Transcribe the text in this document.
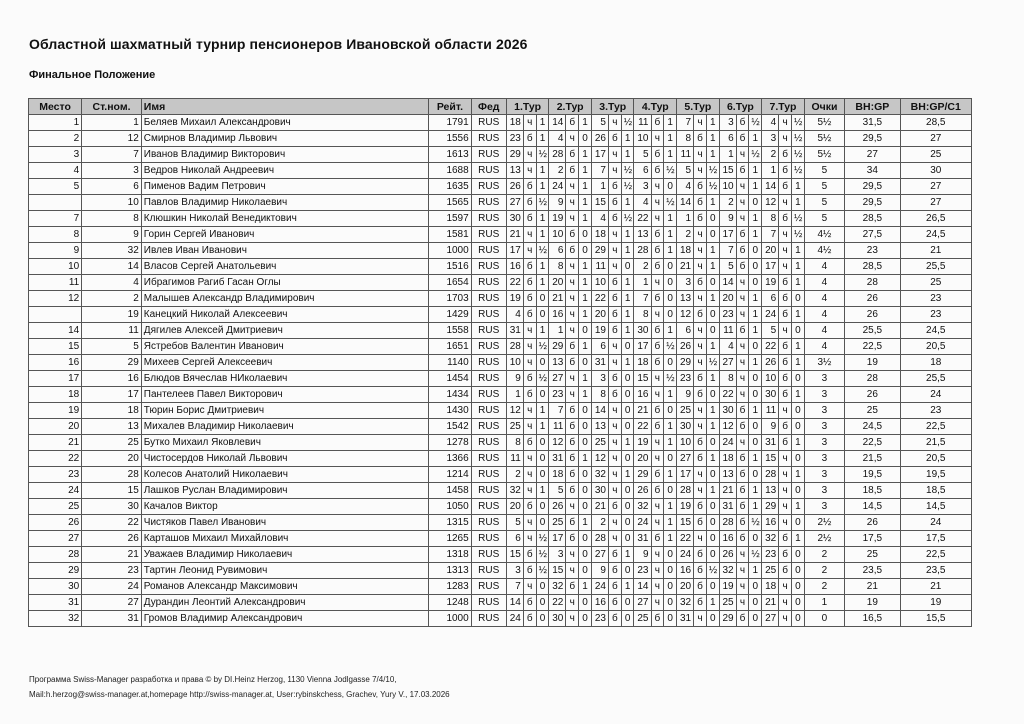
Областной шахматный турнир пенсионеров Ивановской области 2026
Финальное Положение
Место	Ст.ном.	Имя	Рейт.	Фед	1.Тур			2.Тур			3.Тур			4.Тур			5.Тур			6.Тур			7.Тур			Очки	BH:GP	BH:GP/C1
1	1	Беляев Михаил Александрович	1791	RUS	18	ч	1	14	б	1	5	ч	½	11	б	1	7	ч	1	3	б	½	4	ч	½	5½	31,5	28,5
2	12	Смирнов Владимир Львович	1556	RUS	23	б	1	4	ч	0	26	б	1	10	ч	1	8	б	1	6	б	1	3	ч	½	5½	29,5	27
3	7	Иванов Владимир Викторович	1613	RUS	29	ч	½	28	б	1	17	ч	1	5	б	1	11	ч	1	1	ч	½	2	б	½	5½	27	25
4	3	Ведров Николай Андреевич	1688	RUS	13	ч	1	2	б	1	7	ч	½	6	б	½	5	ч	½	15	б	1	1	б	½	5	34	30
5	6	Пименов Вадим Петрович	1635	RUS	26	б	1	24	ч	1	1	б	½	3	ч	0	4	б	½	10	ч	1	14	б	1	5	29,5	27
	10	Павлов Владимир Николаевич	1565	RUS	27	б	½	9	ч	1	15	б	1	4	ч	½	14	б	1	2	ч	0	12	ч	1	5	29,5	27
7	8	Клюшкин Николай Венедиктович	1597	RUS	30	б	1	19	ч	1	4	б	½	22	ч	1	1	б	0	9	ч	1	8	б	½	5	28,5	26,5
8	9	Горин Сергей Иванович	1581	RUS	21	ч	1	10	б	0	18	ч	1	13	б	1	2	ч	0	17	б	1	7	ч	½	4½	27,5	24,5
9	32	Ивлев Иван Иванович	1000	RUS	17	ч	½	6	б	0	29	ч	1	28	б	1	18	ч	1	7	б	0	20	ч	1	4½	23	21
10	14	Власов Сергей Анатольевич	1516	RUS	16	б	1	8	ч	1	11	ч	0	2	б	0	21	ч	1	5	б	0	17	ч	1	4	28,5	25,5
11	4	Ибрагимов Рагиб Гасан Оглы	1654	RUS	22	б	1	20	ч	1	10	б	1	1	ч	0	3	б	0	14	ч	0	19	б	1	4	28	25
12	2	Малышев Александр Владимирович	1703	RUS	19	б	0	21	ч	1	22	б	1	7	б	0	13	ч	1	20	ч	1	6	б	0	4	26	23
	19	Канецкий Николай Алексеевич	1429	RUS	4	б	0	16	ч	1	20	б	1	8	ч	0	12	б	0	23	ч	1	24	б	1	4	26	23
14	11	Дягилев Алексей Дмитриевич	1558	RUS	31	ч	1	1	ч	0	19	б	1	30	б	1	6	ч	0	11	б	1	5	ч	0	4	25,5	24,5
15	5	Ястребов Валентин Иванович	1651	RUS	28	ч	½	29	б	1	6	ч	0	17	б	½	26	ч	1	4	ч	0	22	б	1	4	22,5	20,5
16	29	Михеев Сергей Алексеевич	1140	RUS	10	ч	0	13	б	0	31	ч	1	18	б	0	29	ч	½	27	ч	1	26	б	1	3½	19	18
17	16	Блюдов Вячеслав НИколаевич	1454	RUS	9	б	½	27	ч	1	3	б	0	15	ч	½	23	б	1	8	ч	0	10	б	0	3	28	25,5
18	17	Пантелеев Павел Викторович	1434	RUS	1	б	0	23	ч	1	8	б	0	16	ч	1	9	б	0	22	ч	0	30	б	1	3	26	24
19	18	Тюрин Борис Дмитриевич	1430	RUS	12	ч	1	7	б	0	14	ч	0	21	б	0	25	ч	1	30	б	1	11	ч	0	3	25	23
20	13	Михалев Владимир Николаевич	1542	RUS	25	ч	1	11	б	0	13	ч	0	22	б	1	30	ч	1	12	б	0	9	б	0	3	24,5	22,5
21	25	Бутко Михаил Яковлевич	1278	RUS	8	б	0	12	б	0	25	ч	1	19	ч	1	10	б	0	24	ч	0	31	б	1	3	22,5	21,5
22	20	Чистосердов Николай Львович	1366	RUS	11	ч	0	31	б	1	12	ч	0	20	ч	0	27	б	1	18	б	1	15	ч	0	3	21,5	20,5
23	28	Колесов Анатолий Николаевич	1214	RUS	2	ч	0	18	б	0	32	ч	1	29	б	1	17	ч	0	13	б	0	28	ч	1	3	19,5	19,5
24	15	Лашков Руслан Владимирович	1458	RUS	32	ч	1	5	б	0	30	ч	0	26	б	0	28	ч	1	21	б	1	13	ч	0	3	18,5	18,5
25	30	Качалов Виктор	1050	RUS	20	б	0	26	ч	0	21	б	0	32	ч	1	19	б	0	31	б	1	29	ч	1	3	14,5	14,5
26	22	Чистяков Павел Иванович	1315	RUS	5	ч	0	25	б	1	2	ч	0	24	ч	1	15	б	0	28	б	½	16	ч	0	2½	26	24
27	26	Карташов Михаил Михайлович	1265	RUS	6	ч	½	17	б	0	28	ч	0	31	б	1	22	ч	0	16	б	0	32	б	1	2½	17,5	17,5
28	21	Уважаев Владимир Николаевич	1318	RUS	15	б	½	3	ч	0	27	б	1	9	ч	0	24	б	0	26	ч	½	23	б	0	2	25	22,5
29	23	Тартин Леонид Рувимович	1313	RUS	3	б	½	15	ч	0	9	б	0	23	ч	0	16	б	½	32	ч	1	25	б	0	2	23,5	23,5
30	24	Романов Александр Максимович	1283	RUS	7	ч	0	32	б	1	24	б	1	14	ч	0	20	б	0	19	ч	0	18	ч	0	2	21	21
31	27	Дурандин Леонтий Александрович	1248	RUS	14	б	0	22	ч	0	16	б	0	27	ч	0	32	б	1	25	ч	0	21	ч	0	1	19	19
32	31	Громов Владимир Александрович	1000	RUS	24	б	0	30	ч	0	23	б	0	25	б	0	31	ч	0	29	б	0	27	ч	0	0	16,5	15,5
Программа Swiss-Manager разработка и права © by DI.Heinz Herzog, 1130 Vienna Jodlgasse 7/4/10,
Mail:h.herzog@swiss-manager.at,homepage http://swiss-manager.at, User:rybinskchess, Grachev, Yury V., 17.03.2026
